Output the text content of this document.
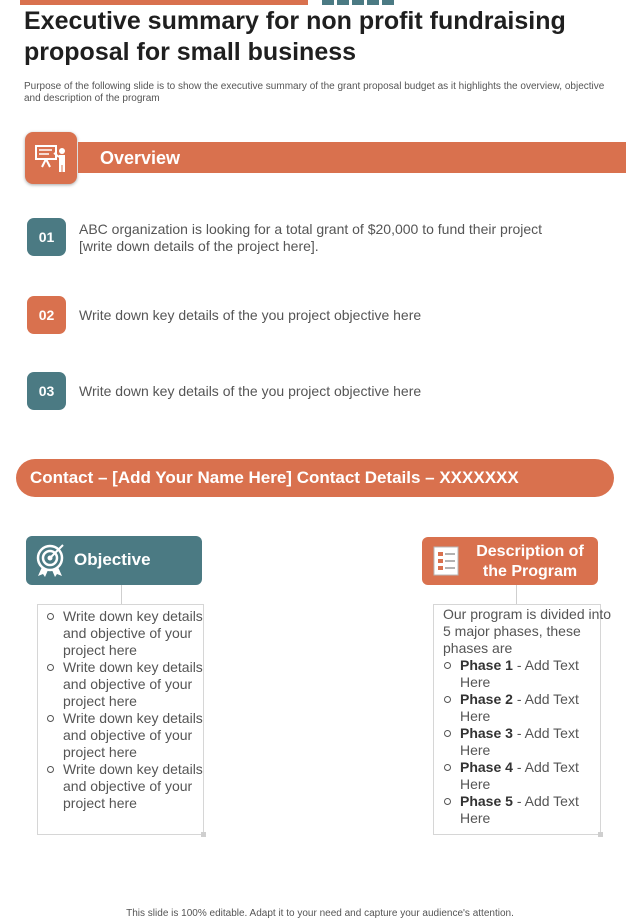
Executive summary for non profit fundraising proposal for small business

Purpose of the following slide is to show the executive summary of the grant proposal budget as it highlights the overview, objective and description of the program

Overview
01	ABC organization is looking for a total grant of $20,000 to fund their project [write down details of the project here].
02	Write down key details of the you project objective here
03	Write down key details of the you project objective here
Contact – [Add Your Name Here] Contact Details – XXXXXXX
Objective
Write down key details and objective of your project here
Write down key details and objective of your project here
Write down key details and objective of your project here
Write down key details and objective of your project here
Description of the Program
Our program is divided into 5 major phases, these phases are
Phase 1 - Add Text Here
Phase 2 - Add Text Here
Phase 3 - Add Text Here
Phase 4 - Add Text Here
Phase 5 - Add Text Here
This slide is 100% editable. Adapt it to your need and capture your audience's attention.
